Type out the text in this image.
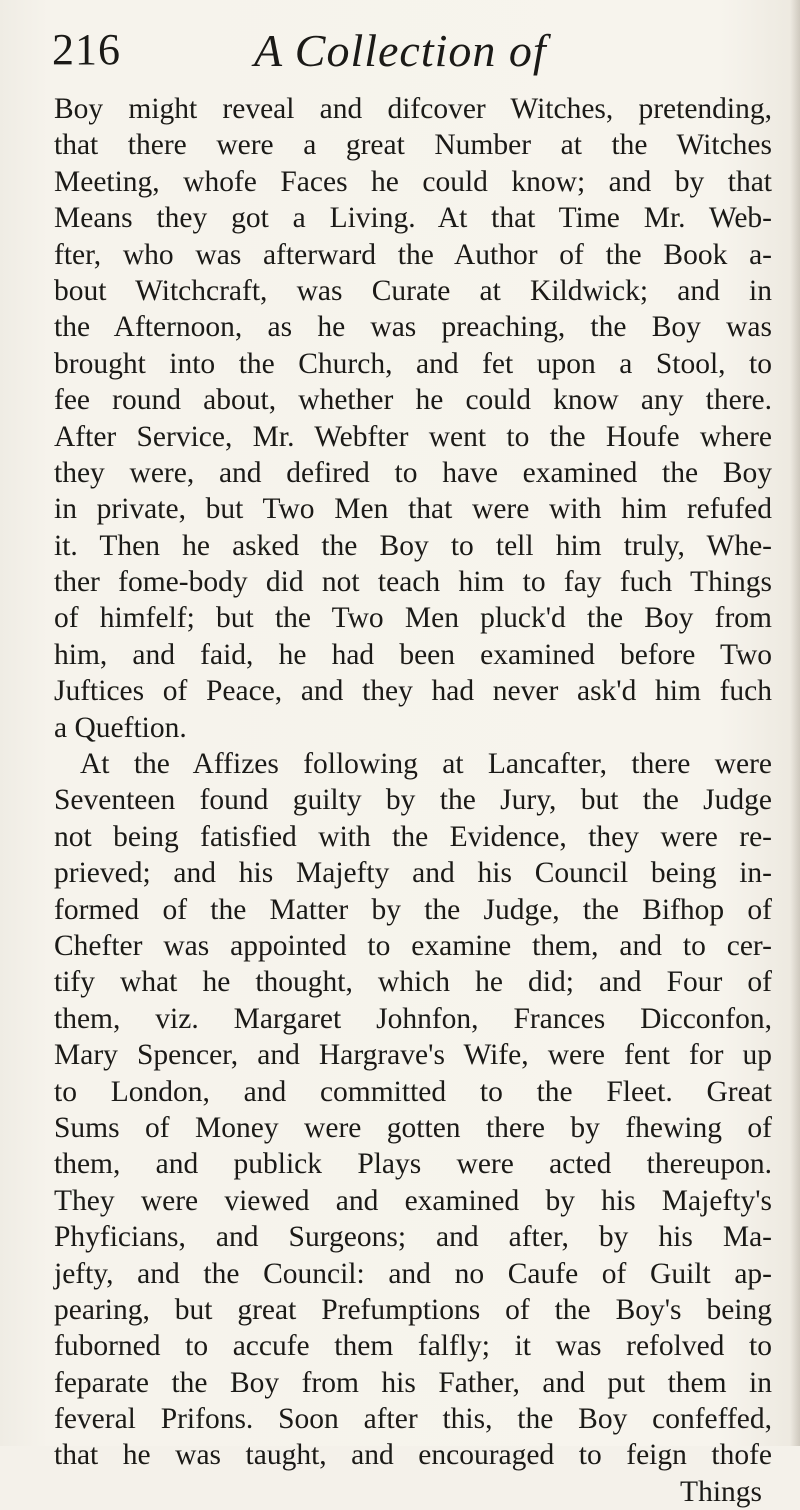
216	A Collection of
Boy might reveal and difcover Witches, pretending,
that there were a great Number at the Witches
Meeting, whofe Faces he could know; and by that
Means they got a Living. At that Time Mr. Web-
fter, who was afterward the Author of the Book a-
bout Witchcraft, was Curate at Kildwick; and in
the Afternoon, as he was preaching, the Boy was
brought into the Church, and fet upon a Stool, to
fee round about, whether he could know any there.
After Service, Mr. Webfter went to the Houfe where
they were, and defired to have examined the Boy
in private, but Two Men that were with him refufed
it. Then he asked the Boy to tell him truly, Whe-
ther fome-body did not teach him to fay fuch Things
of himfelf; but the Two Men pluck'd the Boy from
him, and faid, he had been examined before Two
Juftices of Peace, and they had never ask'd him fuch
a Queftion.
At the Affizes following at Lancafter, there were
Seventeen found guilty by the Jury, but the Judge
not being fatisfied with the Evidence, they were re-
prieved; and his Majefty and his Council being in-
formed of the Matter by the Judge, the Bifhop of
Chefter was appointed to examine them, and to cer-
tify what he thought, which he did; and Four of
them, viz. Margaret Johnfon, Frances Dicconfon,
Mary Spencer, and Hargrave's Wife, were fent for up
to London, and committed to the Fleet. Great
Sums of Money were gotten there by fhewing of
them, and publick Plays were acted thereupon.
They were viewed and examined by his Majefty's
Phyficians, and Surgeons; and after, by his Ma-
jefty, and the Council: and no Caufe of Guilt ap-
pearing, but great Prefumptions of the Boy's being
fuborned to accufe them falfly; it was refolved to
feparate the Boy from his Father, and put them in
feveral Prifons. Soon after this, the Boy confeffed,
that he was taught, and encouraged to feign thofe
Things
